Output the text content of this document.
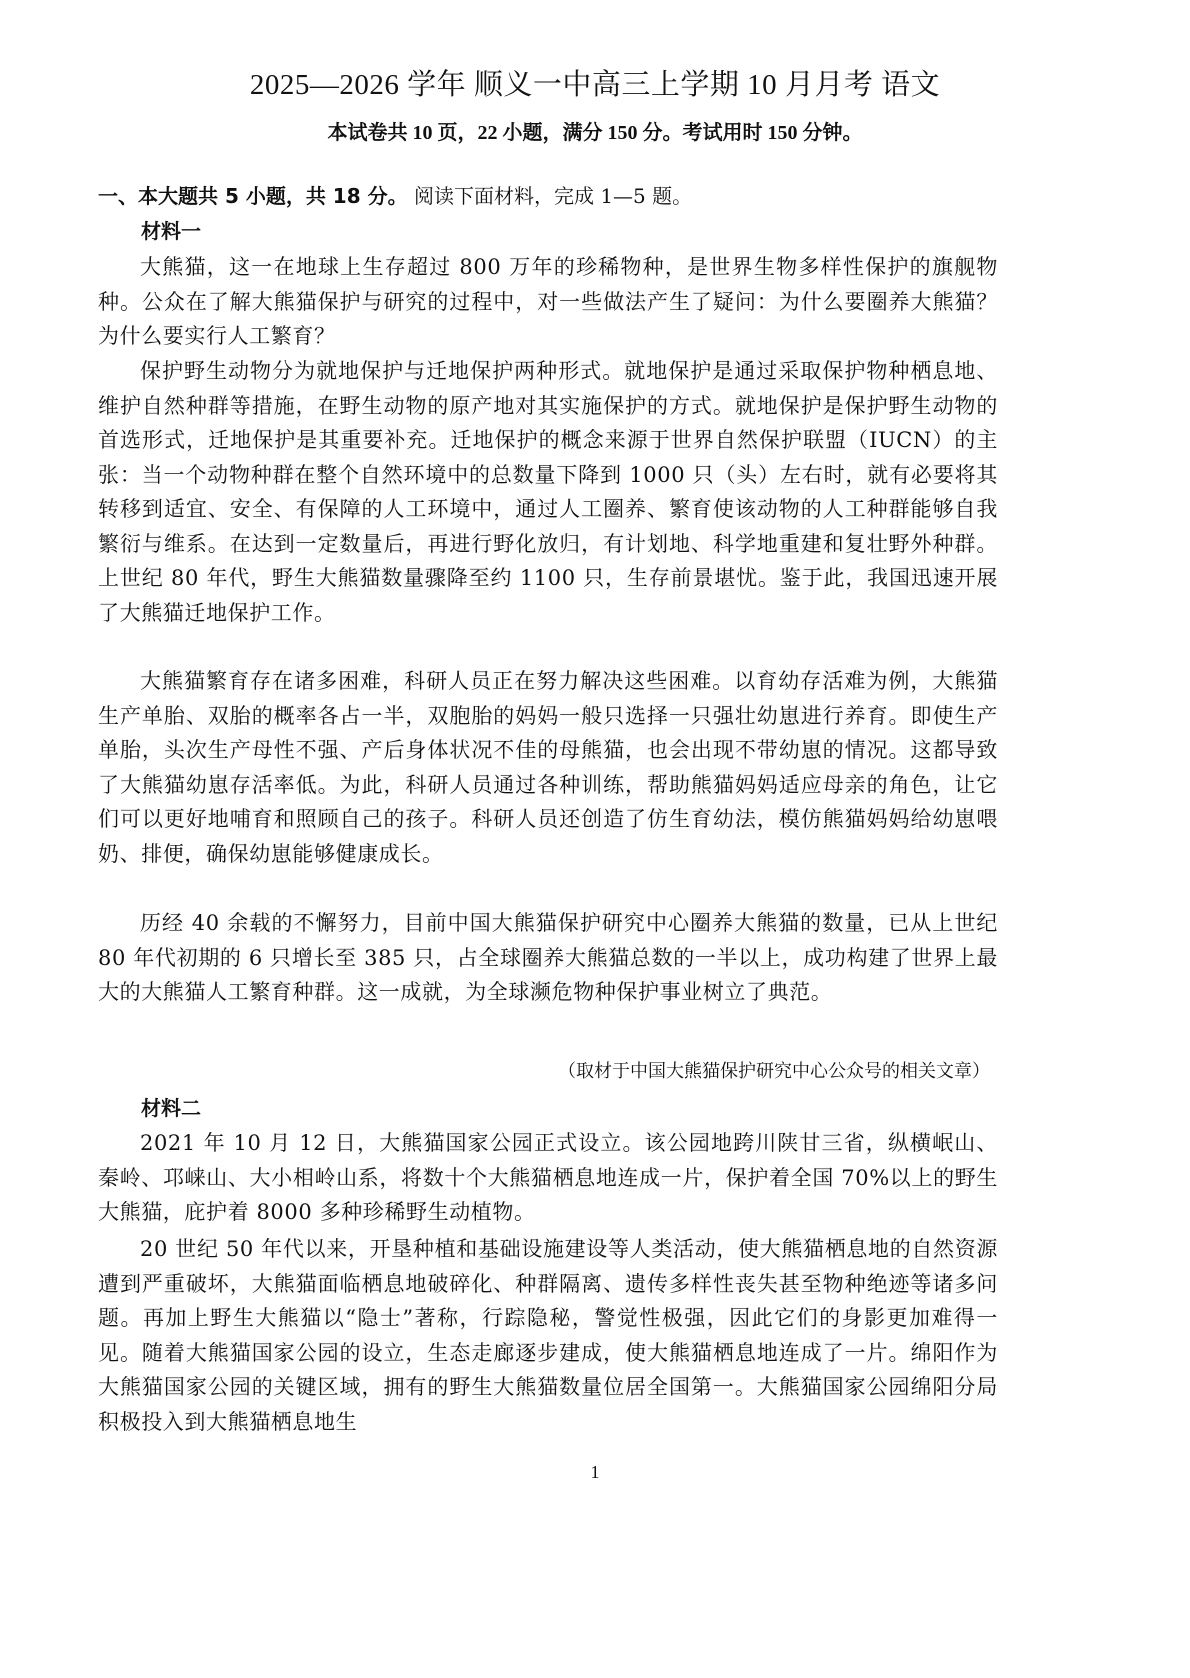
2025—2026 学年 顺义一中高三上学期 10 月月考 语文
本试卷共 10 页，22 小题，满分 150 分。考试用时 150 分钟。
一、本大题共 5 小题，共 18 分。 阅读下面材料，完成 1—5 题。
材料一
大熊猫，这一在地球上生存超过 800 万年的珍稀物种，是世界生物多样性保护的旗舰物种。公众在了解大熊猫保护与研究的过程中，对一些做法产生了疑问：为什么要圈养大熊猫？为什么要实行人工繁育？
保护野生动物分为就地保护与迁地保护两种形式。就地保护是通过采取保护物种栖息地、维护自然种群等措施，在野生动物的原产地对其实施保护的方式。就地保护是保护野生动物的首选形式，迁地保护是其重要补充。迁地保护的概念来源于世界自然保护联盟（IUCN）的主张：当一个动物种群在整个自然环境中的总数量下降到 1000 只（头）左右时，就有必要将其转移到适宜、安全、有保障的人工环境中，通过人工圈养、繁育使该动物的人工种群能够自我繁衍与维系。在达到一定数量后，再进行野化放归，有计划地、科学地重建和复壮野外种群。上世纪 80 年代，野生大熊猫数量骤降至约 1100 只，生存前景堪忧。鉴于此，我国迅速开展了大熊猫迁地保护工作。
大熊猫繁育存在诸多困难，科研人员正在努力解决这些困难。以育幼存活难为例，大熊猫生产单胎、双胎的概率各占一半，双胞胎的妈妈一般只选择一只强壮幼崽进行养育。即使生产单胎，头次生产母性不强、产后身体状况不佳的母熊猫，也会出现不带幼崽的情况。这都导致了大熊猫幼崽存活率低。为此，科研人员通过各种训练，帮助熊猫妈妈适应母亲的角色，让它们可以更好地哺育和照顾自己的孩子。科研人员还创造了仿生育幼法，模仿熊猫妈妈给幼崽喂奶、排便，确保幼崽能够健康成长。
历经 40 余载的不懈努力，目前中国大熊猫保护研究中心圈养大熊猫的数量，已从上世纪 80 年代初期的 6 只增长至 385 只，占全球圈养大熊猫总数的一半以上，成功构建了世界上最大的大熊猫人工繁育种群。这一成就，为全球濒危物种保护事业树立了典范。
（取材于中国大熊猫保护研究中心公众号的相关文章）
材料二
2021 年 10 月 12 日，大熊猫国家公园正式设立。该公园地跨川陕甘三省，纵横岷山、秦岭、邛崃山、大小相岭山系，将数十个大熊猫栖息地连成一片，保护着全国 70%以上的野生大熊猫，庇护着 8000 多种珍稀野生动植物。
20 世纪 50 年代以来，开垦种植和基础设施建设等人类活动，使大熊猫栖息地的自然资源遭到严重破坏，大熊猫面临栖息地破碎化、种群隔离、遗传多样性丧失甚至物种绝迹等诸多问题。再加上野生大熊猫以“隐士”著称，行踪隐秘，警觉性极强，因此它们的身影更加难得一见。随着大熊猫国家公园的设立，生态走廊逐步建成，使大熊猫栖息地连成了一片。绵阳作为大熊猫国家公园的关键区域，拥有的野生大熊猫数量位居全国第一。大熊猫国家公园绵阳分局积极投入到大熊猫栖息地生
1
